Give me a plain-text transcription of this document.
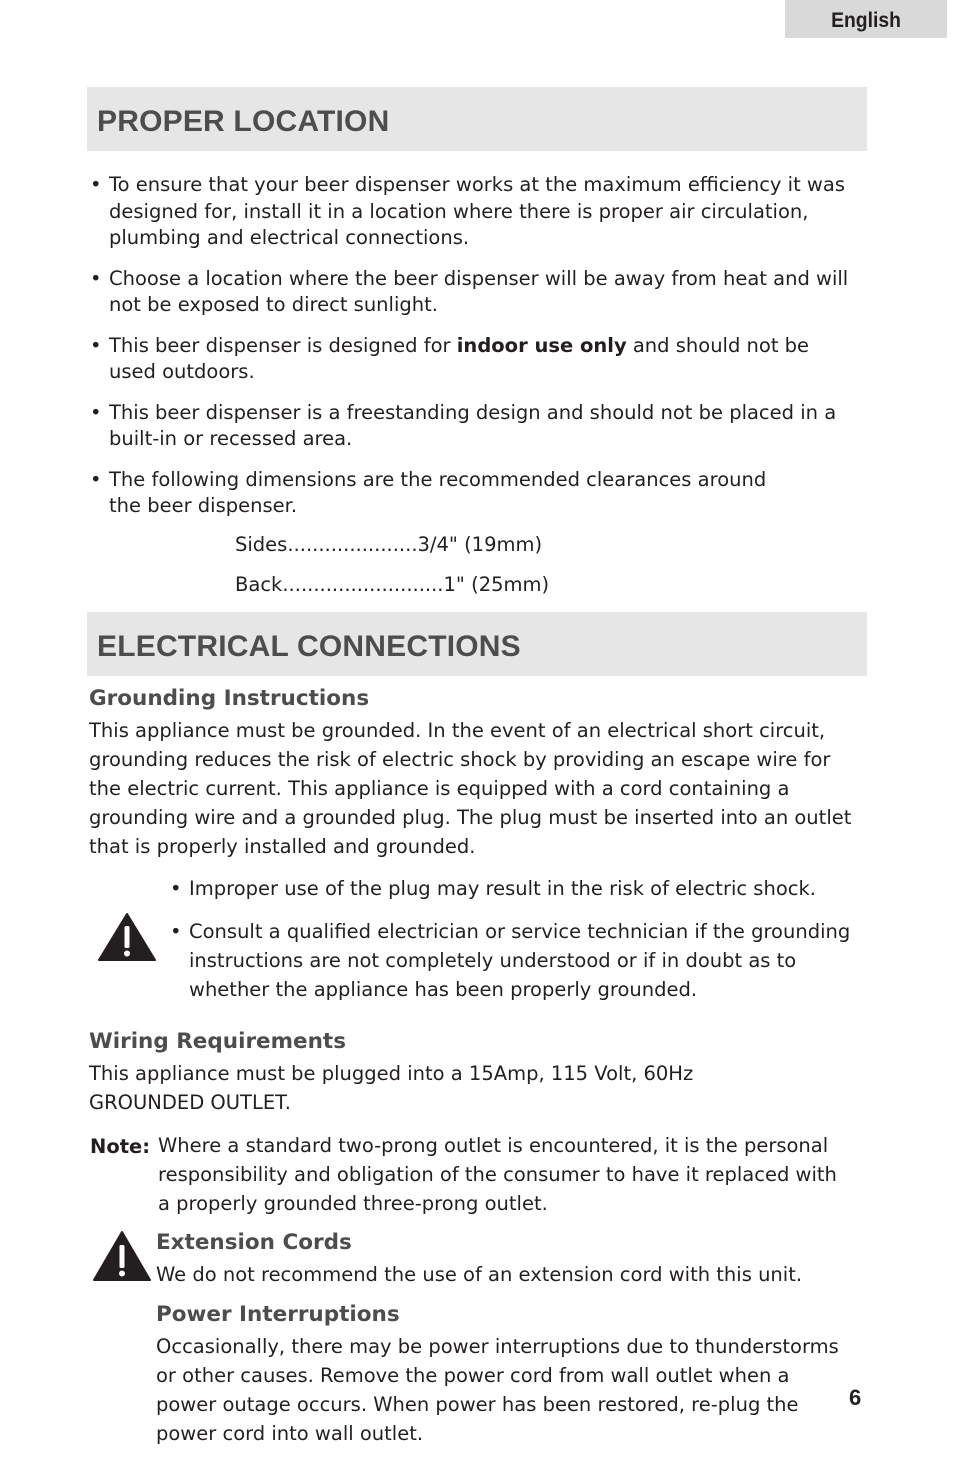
English
PROPER LOCATION
• To ensure that your beer dispenser works at the maximum efficiency it was designed for, install it in a location where there is proper air circulation, plumbing and electrical connections.
• Choose a location where the beer dispenser will be away from heat and will not be exposed to direct sunlight.
• This beer dispenser is designed for indoor use only and should not be used outdoors.
• This beer dispenser is a freestanding design and should not be placed in a built-in or recessed area.
• The following dimensions are the recommended clearances around the beer dispenser.
Sides.....................3/4" (19mm)
Back..........................1" (25mm)
ELECTRICAL CONNECTIONS
Grounding Instructions
This appliance must be grounded. In the event of an electrical short circuit, grounding reduces the risk of electric shock by providing an escape wire for the electric current. This appliance is equipped with a cord containing a grounding wire and a grounded plug. The plug must be inserted into an outlet that is properly installed and grounded.
• Improper use of the plug may result in the risk of electric shock.
• Consult a qualified electrician or service technician if the grounding instructions are not completely understood or if in doubt as to whether the appliance has been properly grounded.
Wiring Requirements
This appliance must be plugged into a 15Amp, 115 Volt, 60Hz GROUNDED OUTLET.
Note: Where a standard two-prong outlet is encountered, it is the personal responsibility and obligation of the consumer to have it replaced with a properly grounded three-prong outlet.
Extension Cords
We do not recommend the use of an extension cord with this unit.
Power Interruptions
Occasionally, there may be power interruptions due to thunderstorms or other causes. Remove the power cord from wall outlet when a power outage occurs. When power has been restored, re-plug the power cord into wall outlet.
6
